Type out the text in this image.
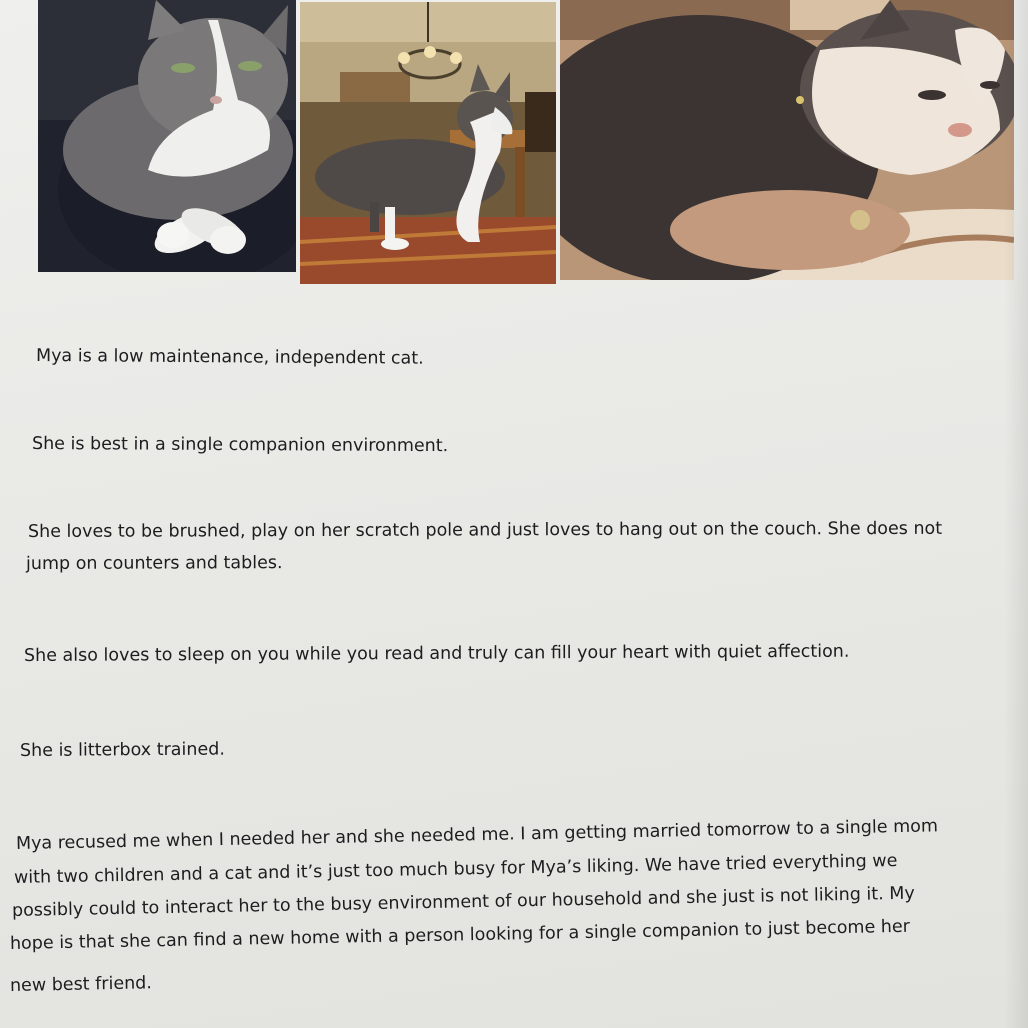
Mya is a low maintenance, independent cat.

She is best in a single companion environment.

She loves to be brushed, play on her scratch pole and just loves to hang out on the couch. She does not

jump on counters and tables.

She also loves to sleep on you while you read and truly can fill your heart with quiet affection.

She is litterbox trained.

Mya recused me when I needed her and she needed me. I am getting married tomorrow to a single mom

with two children and a cat and it’s just too much busy for Mya’s liking. We have tried everything we

possibly could to interact her to the busy environment of our household and she just is not liking it. My

hope is that she can find a new home with a person looking for a single companion to just become her

new best friend.
